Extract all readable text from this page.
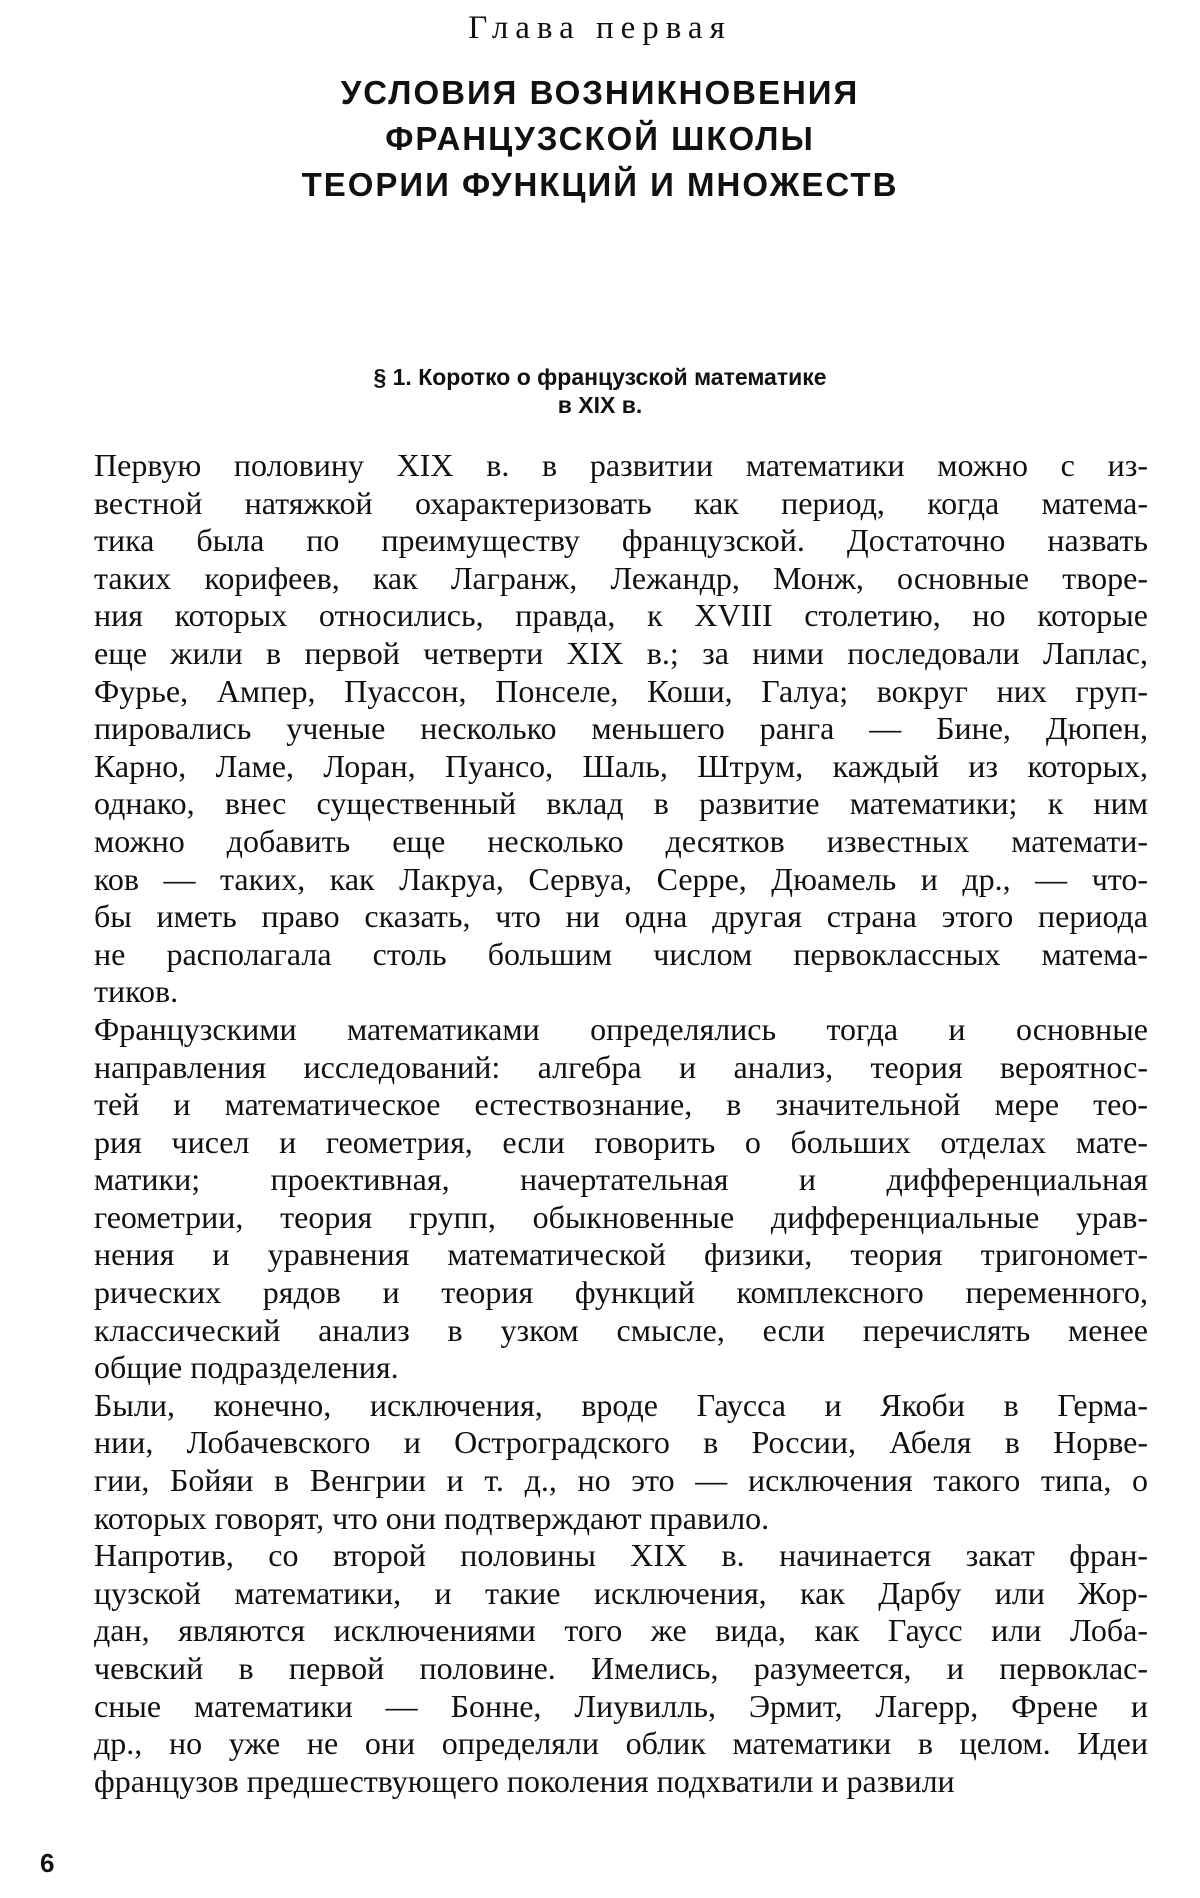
Глава первая
УСЛОВИЯ ВОЗНИКНОВЕНИЯ
ФРАНЦУЗСКОЙ ШКОЛЫ
ТЕОРИИ ФУНКЦИЙ И МНОЖЕСТВ
§ 1. Коротко о французской математике
в XIX в.
Первую половину XIX в. в развитии математики можно с из-
вестной натяжкой охарактеризовать как период, когда матема-
тика была по преимуществу французской. Достаточно назвать
таких корифеев, как Лагранж, Лежандр, Монж, основные творе-
ния которых относились, правда, к XVIII столетию, но которые
еще жили в первой четверти XIX в.; за ними последовали Лаплас,
Фурье, Ампер, Пуассон, Понселе, Коши, Галуа; вокруг них груп-
пировались ученые несколько меньшего ранга — Бине, Дюпен,
Карно, Ламе, Лоран, Пуансо, Шаль, Штрум, каждый из которых,
однако, внес существенный вклад в развитие математики; к ним
можно добавить еще несколько десятков известных математи-
ков — таких, как Лакруа, Сервуа, Серре, Дюамель и др., — что-
бы иметь право сказать, что ни одна другая страна этого периода
не располагала столь большим числом первоклассных матема-
тиков.
Французскими математиками определялись тогда и основные
направления исследований: алгебра и анализ, теория вероятнос-
тей и математическое естествознание, в значительной мере тео-
рия чисел и геометрия, если говорить о больших отделах мате-
матики; проективная, начертательная и дифференциальная
геометрии, теория групп, обыкновенные дифференциальные урав-
нения и уравнения математической физики, теория тригономет-
рических рядов и теория функций комплексного переменного,
классический анализ в узком смысле, если перечислять менее
общие подразделения.
Были, конечно, исключения, вроде Гаусса и Якоби в Герма-
нии, Лобачевского и Остроградского в России, Абеля в Норве-
гии, Бойяи в Венгрии и т. д., но это — исключения такого типа, о
которых говорят, что они подтверждают правило.
Напротив, со второй половины XIX в. начинается закат фран-
цузской математики, и такие исключения, как Дарбу или Жор-
дан, являются исключениями того же вида, как Гаусс или Лоба-
чевский в первой половине. Имелись, разумеется, и первоклас-
сные математики — Бонне, Лиувилль, Эрмит, Лагерр, Френе и
др., но уже не они определяли облик математики в целом. Идеи
французов предшествующего поколения подхватили и развили
6
